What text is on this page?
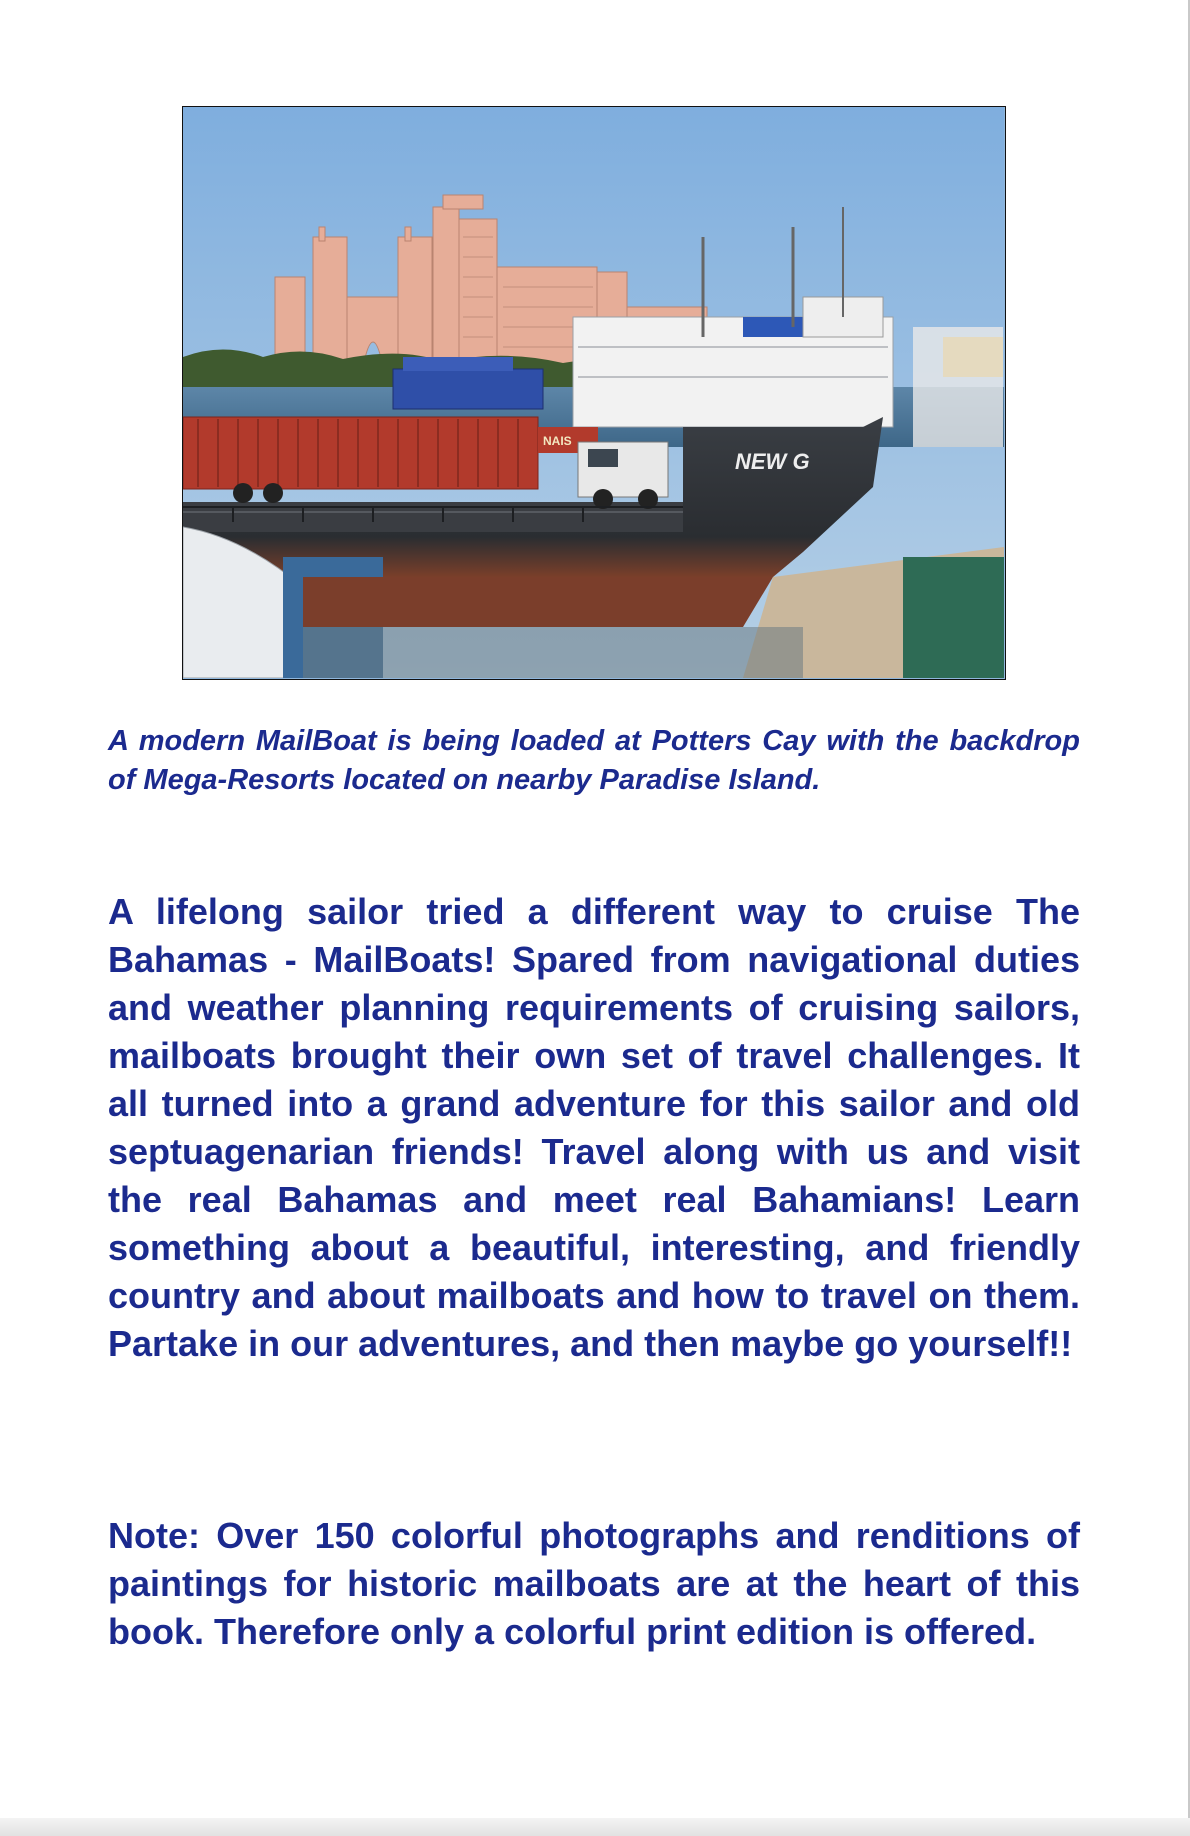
NEW G
NAIS

A modern MailBoat is being loaded at Potters Cay with the backdrop of Mega-Resorts located on nearby Paradise Island.

A lifelong sailor tried a different way to cruise The Bahamas - MailBoats! Spared from navigational duties and weather planning requirements of cruising sailors, mailboats brought their own set of travel challenges. It all turned into a grand adventure for this sailor and old septuagenarian friends! Travel along with us and visit the real Bahamas and meet real Bahamians! Learn something about a beautiful, interesting, and friendly country and about mailboats and how to travel on them. Partake in our adventures, and then maybe go yourself!!

Note: Over 150 colorful photographs and renditions of paintings for historic mailboats are at the heart of this book. Therefore only a colorful print edition is offered.
